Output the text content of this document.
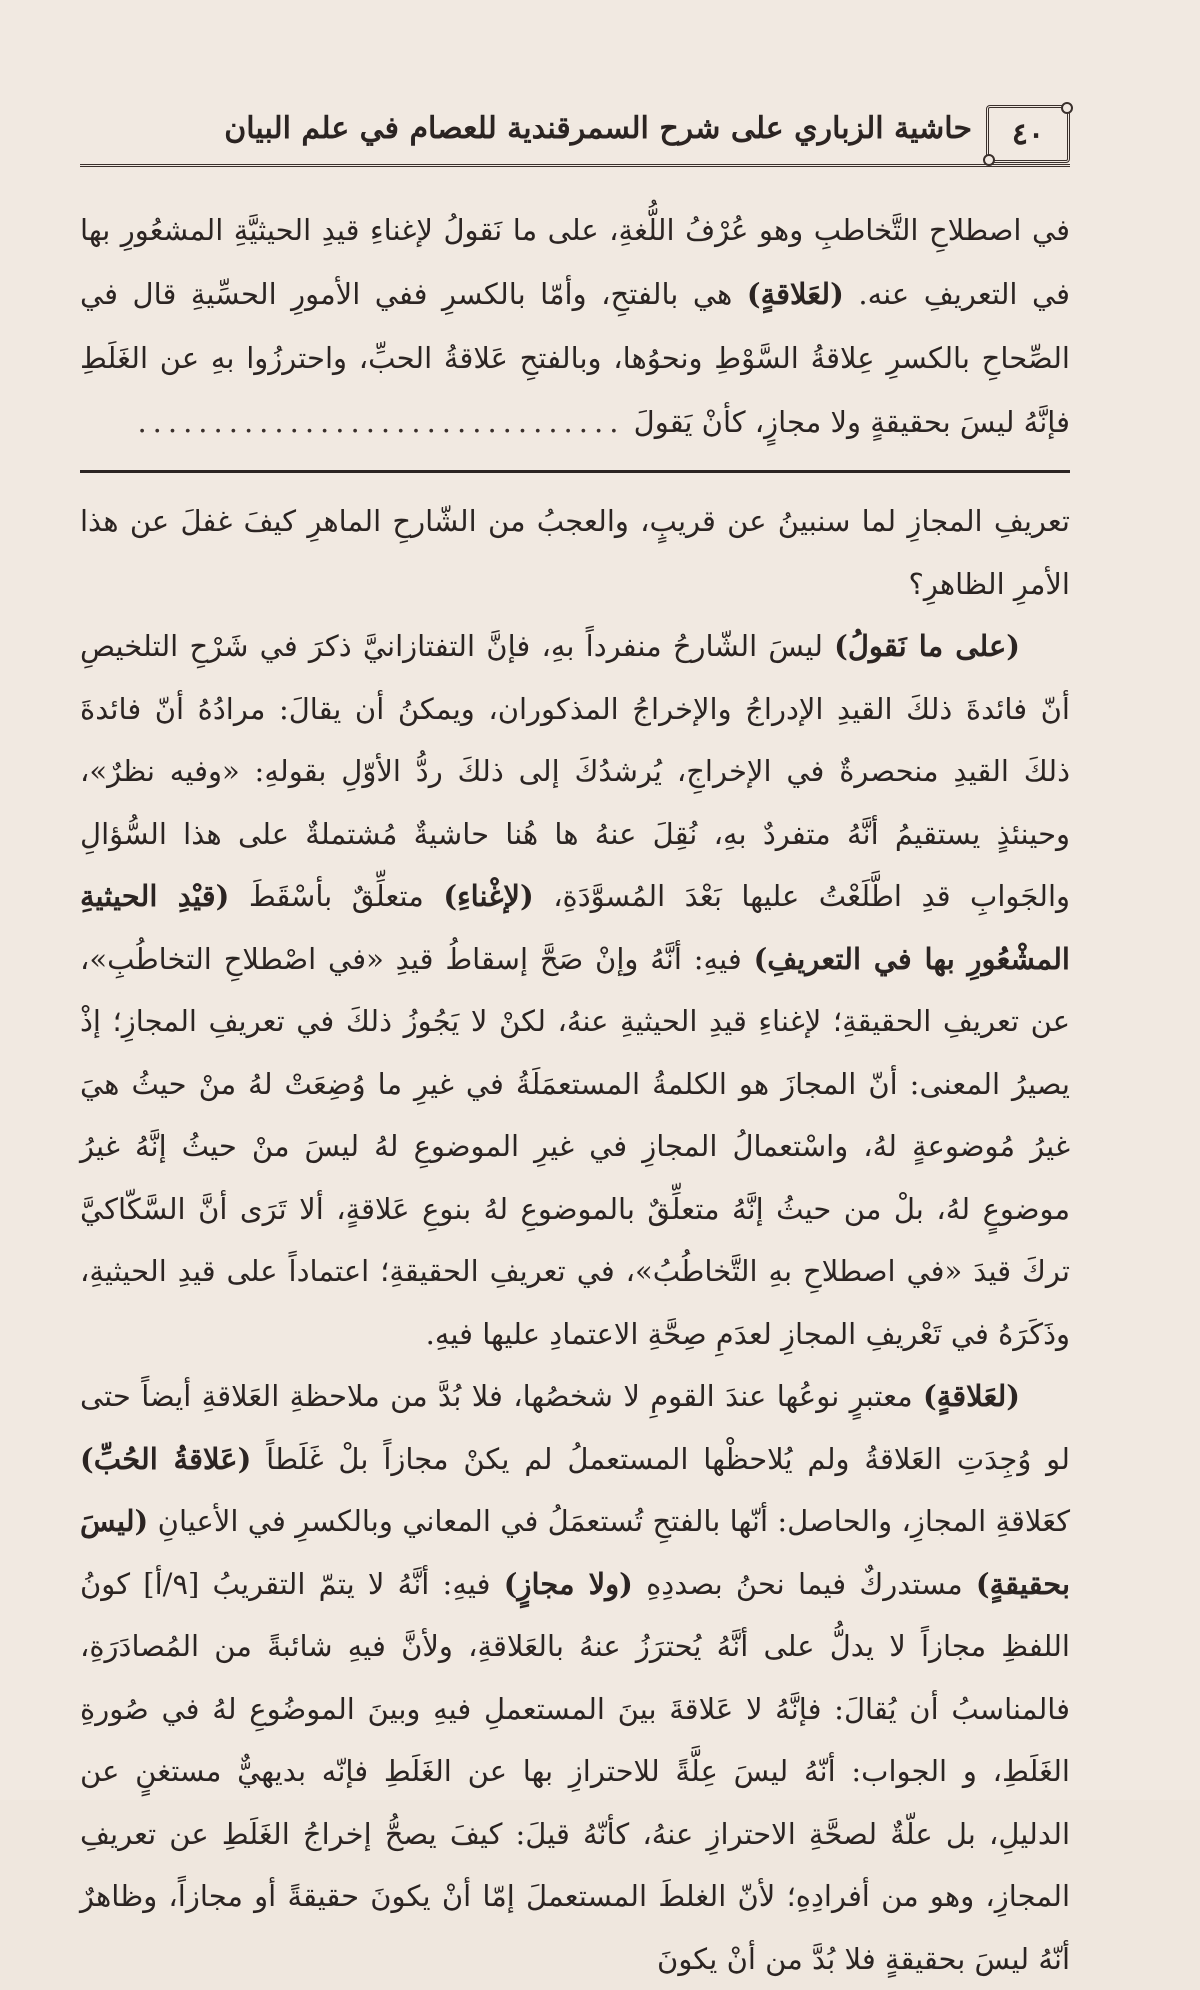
٤٠
حاشية الزباري على شرح السمرقندية للعصام في علم البيان

في اصطلاحِ التَّخاطبِ وهو عُرْفُ اللُّغةِ، على ما نَقولُ لإغناءِ قيدِ الحيثيَّةِ المشعُورِ بها في التعريفِ عنه. (لعَلاقةٍ) هي بالفتحِ، وأمّا بالكسرِ ففي الأمورِ الحسِّيةِ قال في الصِّحاحِ بالكسرِ عِلاقةُ السَّوْطِ ونحوُها، وبالفتحِ عَلاقةُ الحبِّ، واحترزُوا بهِ عن الغَلَطِ فإنَّهُ ليسَ بحقيقةٍ ولا مجازٍ، كأنْ يَقولَ ................................

تعريفِ المجازِ لما سنبينُ عن قريبٍ، والعجبُ من الشّارحِ الماهرِ كيفَ غفلَ عن هذا الأمرِ الظاهرِ؟

(على ما نَقولُ) ليسَ الشّارحُ منفرداً بهِ، فإنَّ التفتازانيَّ ذكرَ في شَرْحِ التلخيصِ أنّ فائدةَ ذلكَ القيدِ الإدراجُ والإخراجُ المذكوران، ويمكنُ أن يقالَ: مرادُهُ أنّ فائدةَ ذلكَ القيدِ منحصرةٌ في الإخراجِ، يُرشدُكَ إلى ذلكَ ردُّ الأوّلِ بقولهِ: «وفيه نظرٌ»، وحينئذٍ يستقيمُ أنَّهُ متفردٌ بهِ، نُقِلَ عنهُ ها هُنا حاشيةٌ مُشتملةٌ على هذا السُّؤالِ والجَوابِ قدِ اطَّلَعْتُ عليها بَعْدَ المُسوَّدَةِ، (لإغْناءِ) متعلِّقٌ بأسْقَطَ (قيْدِ الحيثيةِ المشْعُورِ بها في التعريفِ) فيهِ: أنَّهُ وإنْ صَحَّ إسقاطُ قيدِ «في اصْطلاحِ التخاطُبِ»، عن تعريفِ الحقيقةِ؛ لإغناءِ قيدِ الحيثيةِ عنهُ، لكنْ لا يَجُوزُ ذلكَ في تعريفِ المجازِ؛ إذْ يصيرُ المعنى: أنّ المجازَ هو الكلمةُ المستعمَلَةُ في غيرِ ما وُضِعَتْ لهُ منْ حيثُ هيَ غيرُ مُوضوعةٍ لهُ، واسْتعمالُ المجازِ في غيرِ الموضوعِ لهُ ليسَ منْ حيثُ إنَّهُ غيرُ موضوعٍ لهُ، بلْ من حيثُ إنَّهُ متعلِّقٌ بالموضوعِ لهُ بنوعِ عَلاقةٍ، ألا تَرَى أنَّ السَّكّاكيَّ تركَ قيدَ «في اصطلاحِ بهِ التَّخاطُبُ»، في تعريفِ الحقيقةِ؛ اعتماداً على قيدِ الحيثيةِ، وذَكَرَهُ في تَعْريفِ المجازِ لعدَمِ صِحَّةِ الاعتمادِ عليها فيهِ.

(لعَلاقةٍ) معتبرٍ نوعُها عندَ القومِ لا شخصُها، فلا بُدَّ من ملاحظةِ العَلاقةِ أيضاً حتى لو وُجِدَتِ العَلاقةُ ولم يُلاحظْها المستعملُ لم يكنْ مجازاً بلْ غَلَطاً (عَلاقةُ الحُبِّ) كعَلاقةِ المجازِ، والحاصل: أنّها بالفتحِ تُستعمَلُ في المعاني وبالكسرِ في الأعيانِ (ليسَ بحقيقةٍ) مستدركٌ فيما نحنُ بصددِهِ (ولا مجازٍ) فيهِ: أنَّهُ لا يتمّ التقريبُ [٩/أ] كونُ اللفظِ مجازاً لا يدلُّ على أنَّهُ يُحترَزُ عنهُ بالعَلاقةِ، ولأنَّ فيهِ شائبةً من المُصادَرَةِ، فالمناسبُ أن يُقالَ: فإنَّهُ لا عَلاقةَ بينَ المستعملِ فيهِ وبينَ الموضُوعِ لهُ في صُورةِ الغَلَطِ، و الجواب: أنّهُ ليسَ عِلَّةً للاحترازِ بها عن الغَلَطِ فإنّه بديهيٌّ مستغنٍ عن الدليلِ، بل علّةٌ لصحَّةِ الاحترازِ عنهُ، كأنّهُ قيلَ: كيفَ يصحُّ إخراجُ الغَلَطِ عن تعريفِ المجازِ، وهو من أفرادِهِ؛ لأنّ الغلطَ المستعملَ إمّا أنْ يكونَ حقيقةً أو مجازاً، وظاهرٌ أنّهُ ليسَ بحقيقةٍ فلا بُدَّ من أنْ يكونَ
